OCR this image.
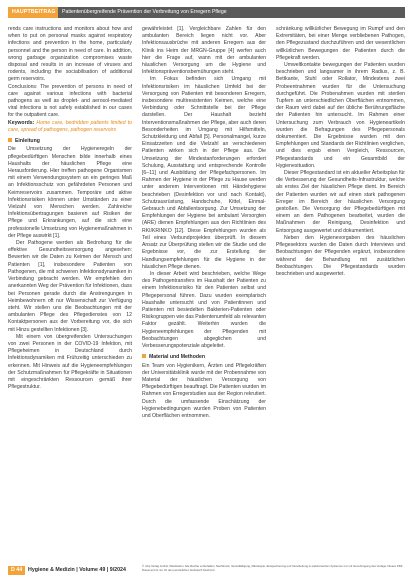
HAUPTBEITRAG	Patientenübergreifende Prävention der Verbreitung von Erregern Pflege

rends care instructions and monitors about how and when to put on personal masks against respiratory infections and prevention in the home, particularly personnel and the person in need of care. In addition, wrong garbage organization compromises waste disposal and results in an increase of viruses and rodents, including the sociabilisation of additional germ reservoirs.

Conclusions: The prevention of persons in need of care against various infections with bacterial pathogens as well as droplet- and aerosol-mediated viral infections is not safely established in our cases for the outpatient care.

Keywords: Home care, bedridden patients limited to care, spread of pathogens, pathogen reservoirs

Einleitung

Die Umsetzung der Hygieneregeln der pflegebedürftigen Menschen bilde innerhalb eines Haushalts der häuslichen Pflege eine Herausforderung. Hier treffen pathogene Organismen mit einem Verwendungssystem an ein geringes Maß an Infektionsschutz von gefährdeten Personen und Keimreservoirs zusammen. Temporäre und aktive Infektionsrisiken können unter Umständen zu einer Vielzahl von Menschen werden. Zahlreiche Infektionsübertragungen basieren auf Risiken der Pflege und Erkrankungen, auf die sich eine professionelle Umsetzung von Hygienemaßnahmen in der Pflege auswirkt [1].

Der Pathogene werden als Bedrohung für die effektive Gesundheitsversorgung angesehen: Bewerten wir die Daten zu Keimen der Mensch und Patienten [1], insbesondere Patienten von Pathogenen, die mit schweren Infektionsdynamiken in Verbindung gebracht werden. Wir empfehlen den anerkannten Weg der Prävention für Infektionen, dass bei Personen gerade durch die Anstrengungen in Heimbewohnern oft nur Wissenschaft zur Verfügung steht. Wir stellen uns die Beobachtungen mit der ambulanten Pflege des Pflegedienstes von 12 Kontaktpersonen aus der Vorbereitung vor, die sich mit Hinzu gestellten Infektionen [3].

Mit einem von übergreifenden Untersuchungen von zwei Personen in der COVID-19 Infektion, mit Pflegeheimen in Deutschland durch Infektionsdynamiken mit Frühzeitig unterschieden zu erkennen. Mit Hinweis auf die Hygieneempfehlungen der Schutzmaßnahmen für Pflegekräfte in Situationen mit eingeschränkten Ressourcen gemäß ihrer Pflegestruktur.

gewährleistet [1]. Vergleichbare Zahlen für den ambulanten Bereich liegen nicht vor. Aber Infektionsausbrüche mit anderen Erregern aus der Klinik ins Heim der MRGN-Gruppe [4] werfen auch hier die Frage auf, wann mit der ambulanten häuslichen Versorgung um die Hygiene und Infektionspräventionsbemühungen steht.

Im Fokus befinden sich Umgang mit Infektionsrisiken im häuslichen Umfeld bei der Versorgung von Patienten mit besonderen Erregern, insbesondere multiresistenten Keimen, welche eine Verbindung oder Schnittstelle bei der Pflege darstellen. Der Haushalt bezieht Interventionsmaßnahmen der Pflege, aber auch deren Besonderheiten im Umgang mit Hilfsmitteln, Schutzkleidung und Abfall [5]. Personalmangel, kurze Einsatzzeiten und die Vielzahl an verschiedenen Patienten wirken sich in der Pflege aus. Die Umsetzung der Mindestanforderungen erfordert Schulung, Ausstattung und entsprechende Kontrolle [6–11] und Ausbildung der Pflegefachpersonen. Im Rahmen der Hygiene in der Pflege zu Hause werden unter anderem Interventionen mit Händehygiene beschrieben (Desinfektion vor und nach Kontakt), Schutzausrüstung, Handschuhe, Kittel, Einmal-Gebrauch und Abfallentsorgung. Zur Umsetzung der Empfehlungen der Hygiene bei ambulant Versorgten (ARE) dienen Empfehlungen aus den Richtlinien des RKI/KRINKO [12]. Diese Empfehlungen wurden als Teil eines Verbundprojektes überprüft. In diesem Ansatz zur Überprüfung stellen wir die Studie und die Ergebnisse vor, die zur Erstellung der Handlungsempfehlungen für die Hygiene in der häuslichen Pflege dienen.

In dieser Arbeit wird beschrieben, welche Wege des Pathogentransfers im Haushalt der Patienten zu einem Infektionsrisiko für den Patienten selbst und Pflegepersonal führen. Dazu wurden exemplarisch Haushalte untersucht und von Patientinnen und Patienten mit besiedelten Bakterien-Patienten oder Risikogruppen wie das Patientenumfeld als relevanten Faktor gezählt. Weiterhin wurden die Hygieneempfehlungen der Pflegenden mit Beobachtungen abgeglichen und Verbesserungspotenziale abgeleitet.

Material und Methoden

Ein Team von Hygienikern, Ärzten und Pflegekräften der Universitätsklinik wurde mit der Probennahme von Material der häuslichen Versorgung von Pflegebedürftigen beauftragt. Die Patienten wurden im Rahmen von Erregerstudien aus der Region rekrutiert. Durch die umfassende Einschätzung der Hygienebedingungen wurden Proben von Patienten und Oberflächen entnommen.

schränkung willkürlicher Bewegung im Rumpf und den Extremitäten, bei einer Menge verbliebenen Pathogen, den Pflegezustand durchzuführen und der wesentlichen willkürlichen Bewegungen der Patienten durch die Pflegekraft werden.

Umweltkontakte bewegungen der Patienten wurden beschrieben und langsamer in ihrem Radius, z. B. Bettkante, Stuhl oder Rollator, Mindestens zwei Probeentnahmen wurden für die Untersuchung durchgeführt. Die Probenahmen wurden mit sterilen Tupfern an unterschiedlichen Oberflächen entnommen, der Raum wird dabei auf der übliche Berührungsfläche der Patienten hin untersucht. Im Rahmen einer Untersuchung zum Verbrauch von Hygieneartikeln wurden die Befragungen des Pflegepersonals dokumentiert. Die Ergebnisse wurden mit den Empfehlungen und Standards der Richtlinien verglichen, und dies ergab einen Vergleich, Ressourcen, Pflegestandards und ein Gesamtbild der Hygienesituation.

Dieser Pflegestandard ist ein aktueller Arbeitsplan für die Verbesserung der Gesundheits-Infrastruktur, welche als erstes Ziel der häuslichen Pflege dient. Im Bereich der Patienten wurden wir auf einen stark pathogenen Erreger im Bereich der häuslichen Versorgung gestoßen. Die Versorgung der Pflegebedürftigen mit einem an dem Pathogenen bearbeitet, wurden die Maßnahmen der Reinigung, Desinfektion und Entsorgung ausgewertet und dokumentiert.

Neben den Hygienevorgaben des häuslichen Pflegesektors wurden die Daten durch Interviews und Beobachtungen der Pflegenden ergänzt, insbesondere während der Behandlung mit zusätzlichen Beobachtungen. Die Pflegestandards wurden beschrieben und ausgewertet.

D 44	Hygiene & Medizin | Volume 49 | 9/2024
© mhp Verlag GmbH, Wiesbaden. Alle Rechte vorbehalten. Nachdruck, Vervielfältigung, Mikrokopie, Einspeicherung und Verarbeitung in elektronischen Systemen nur mit Genehmigung des Verlags. Dieses PDF-Dokument ist nur für den persönlichen Gebrauch bestimmt.
